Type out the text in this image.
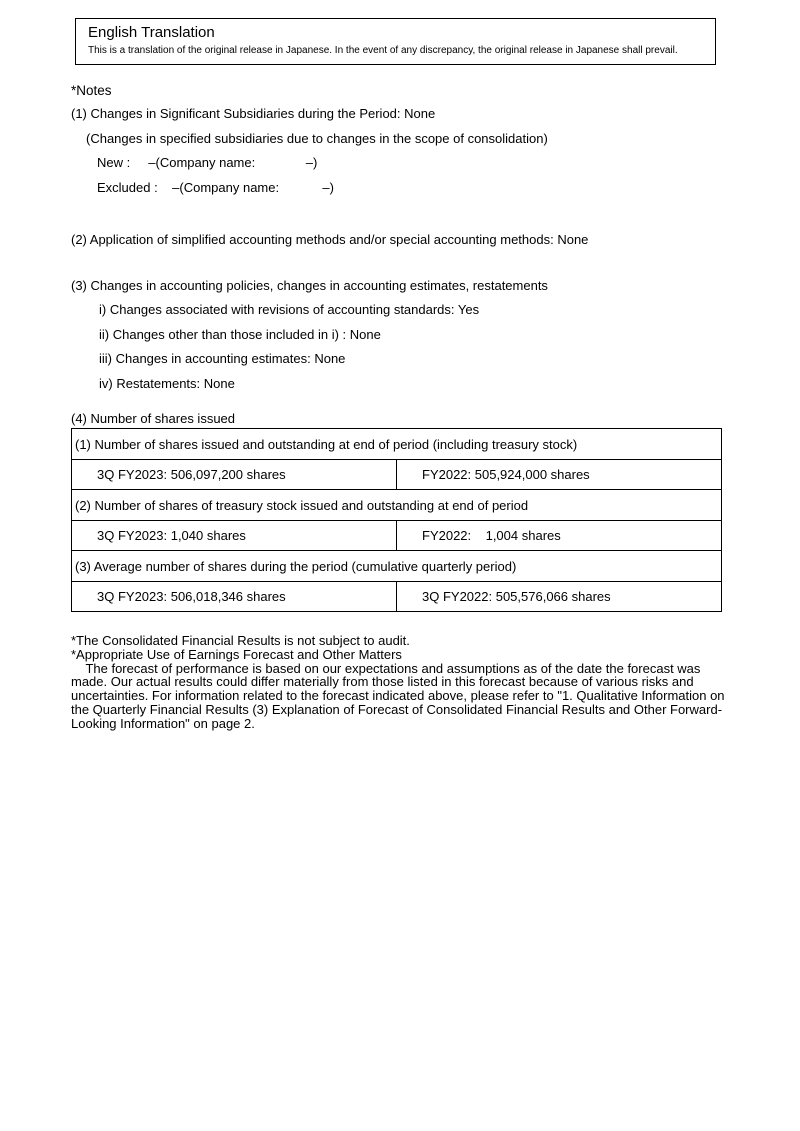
English Translation
This is a translation of the original release in Japanese. In the event of any discrepancy, the original release in Japanese shall prevail.
*Notes
(1) Changes in Significant Subsidiaries during the Period: None
(Changes in specified subsidiaries due to changes in the scope of consolidation)
New :     –(Company name:              –)
Excluded :    –(Company name:            –)
(2) Application of simplified accounting methods and/or special accounting methods: None
(3) Changes in accounting policies, changes in accounting estimates, restatements
i) Changes associated with revisions of accounting standards: Yes
ii) Changes other than those included in i) : None
iii) Changes in accounting estimates: None
iv) Restatements: None
(4) Number of shares issued
(1) Number of shares issued and outstanding at end of period (including treasury stock)	
3Q FY2023: 506,097,200 shares	FY2022: 505,924,000 shares
(2) Number of shares of treasury stock issued and outstanding at end of period	
3Q FY2023: 1,040 shares	FY2022:    1,004 shares
(3) Average number of shares during the period (cumulative quarterly period)	
3Q FY2023: 506,018,346 shares	3Q FY2022: 505,576,066 shares
*The Consolidated Financial Results is not subject to audit.
*Appropriate Use of Earnings Forecast and Other Matters
The forecast of performance is based on our expectations and assumptions as of the date the forecast was made. Our actual results could differ materially from those listed in this forecast because of various risks and uncertainties. For information related to the forecast indicated above, please refer to "1. Qualitative Information on the Quarterly Financial Results (3) Explanation of Forecast of Consolidated Financial Results and Other Forward-Looking Information" on page 2.
